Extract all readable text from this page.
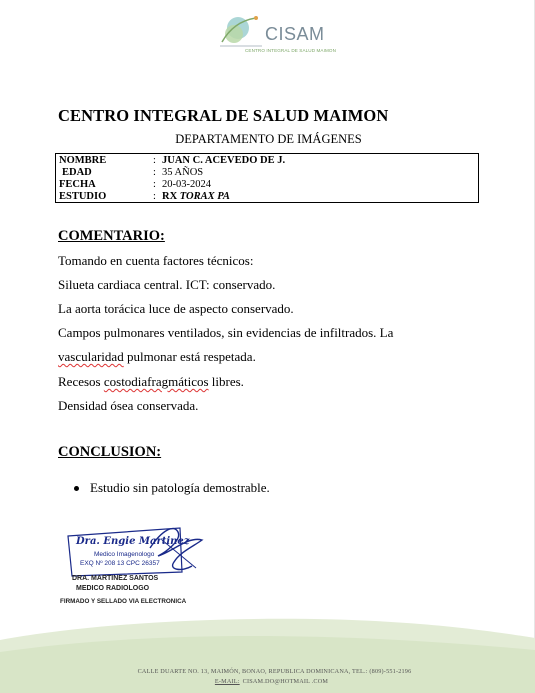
CISAM
CENTRO INTEGRAL DE SALUD MAIMON
CENTRO INTEGRAL DE SALUD MAIMON
DEPARTAMENTO DE IMÁGENES
NOMBRE	: JUAN C. ACEVEDO DE J.
EDAD	: 35 AÑOS
FECHA	: 20-03-2024
ESTUDIO	: RX TORAX PA
COMENTARIO:
Tomando en cuenta factores técnicos:
Silueta cardiaca central. ICT: conservado.
La aorta torácica luce de aspecto conservado.
Campos pulmonares ventilados, sin evidencias de infiltrados. La
vascularidad pulmonar está respetada.
Recesos costodiafragmáticos libres.
Densidad ósea conservada.
CONCLUSION:
Estudio sin patología demostrable.
Dra. Engie Martinez
Medico Imagenologo
EXQ Nº 208 13 CPC 26357
DRA. MARTINEZ SANTOS
MEDICO RADIOLOGO
FIRMADO Y SELLADO VIA ELECTRONICA
CALLE DUARTE NO. 13, MAIMÓN, BONAO, REPUBLICA DOMINICANA, TEL.: (809)-551-2196
E-MAIL: CISAM.DO@HOTMAIL .COM
